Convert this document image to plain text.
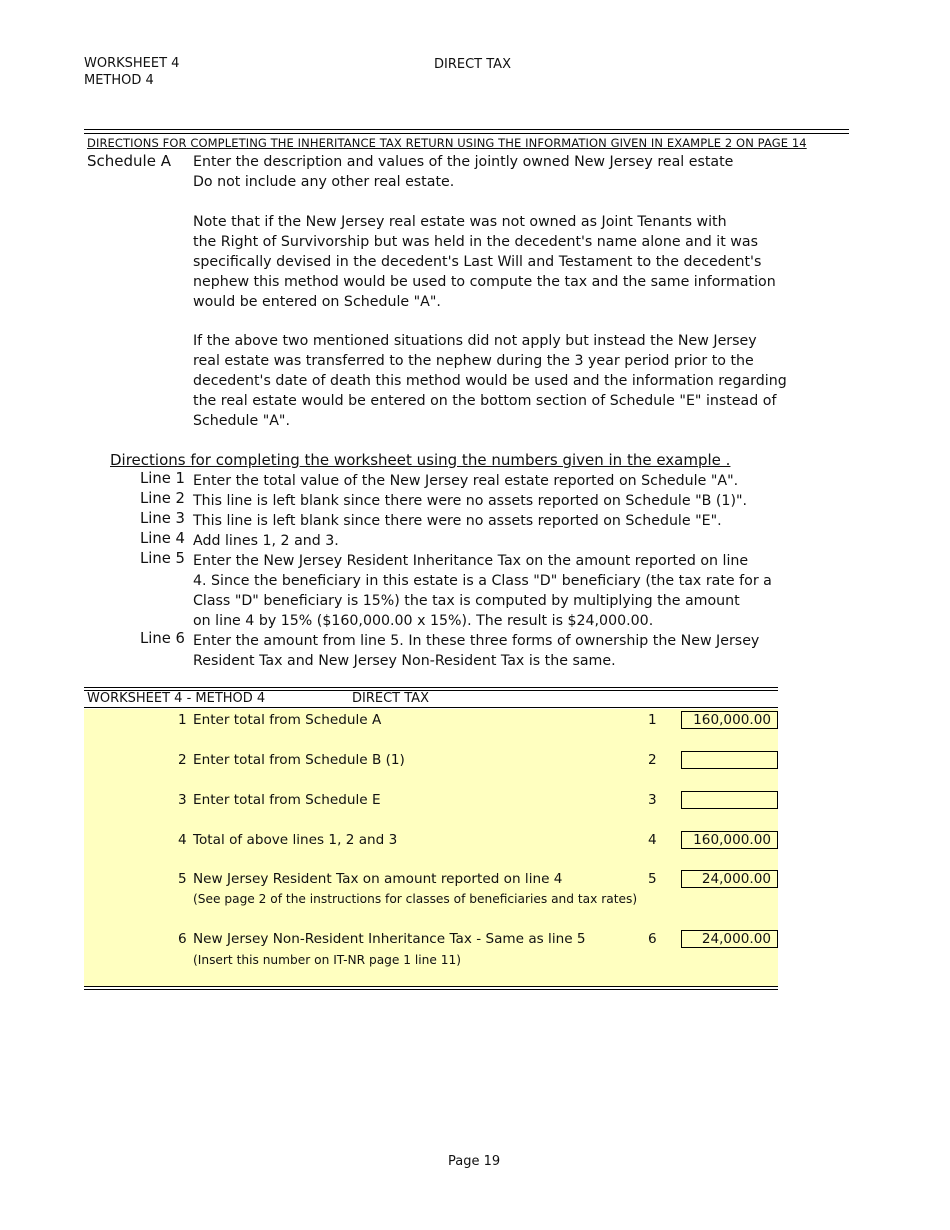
WORKSHEET 4
METHOD 4
DIRECT TAX
DIRECTIONS FOR COMPLETING THE INHERITANCE TAX RETURN USING THE INFORMATION GIVEN IN EXAMPLE 2 ON PAGE 14
Schedule A Enter the description and values of the jointly owned New Jersey real estate
Do not include any other real estate.
Note that if the New Jersey real estate was not owned as Joint Tenants with
the Right of Survivorship but was held in the decedent's name alone and it was
specifically devised in the decedent's Last Will and Testament to the decedent's
nephew this method would be used to compute the tax and the same information
would be entered on Schedule "A".
If the above two mentioned situations did not apply but instead the New Jersey
real estate was transferred to the nephew during the 3 year period prior to the
decedent's date of death this method would be used and the information regarding
the real estate would be entered on the bottom section of Schedule "E" instead of
Schedule "A".
Directions for completing the worksheet using the numbers given in the example .
Line 1 Enter the total value of the New Jersey real estate reported on Schedule "A".
Line 2 This line is left blank since there were no assets reported on Schedule "B (1)".
Line 3 This line is left blank since there were no assets reported on Schedule "E".
Line 4 Add lines 1, 2 and 3.
Line 5 Enter the New Jersey Resident Inheritance Tax on the amount reported on line
4. Since the beneficiary in this estate is a Class "D" beneficiary (the tax rate for a
Class "D" beneficiary is 15%) the tax is computed by multiplying the amount
on line 4 by 15% ($160,000.00 x 15%). The result is $24,000.00.
Line 6 Enter the amount from line 5. In these three forms of ownership the New Jersey
Resident Tax and New Jersey Non-Resident Tax is the same.
WORKSHEET 4 - METHOD 4	DIRECT TAX
1 Enter total from Schedule A	1	160,000.00
2 Enter total from Schedule B (1)	2
3 Enter total from Schedule E	3
4 Total of above lines 1, 2 and 3	4	160,000.00
5 New Jersey Resident Tax on amount reported on line 4
(See page 2 of the instructions for classes of beneficiaries and tax rates)
5	24,000.00
6 New Jersey Non-Resident Inheritance Tax - Same as line 5
(Insert this number on IT-NR page 1 line 11)
6	24,000.00
Page 19
